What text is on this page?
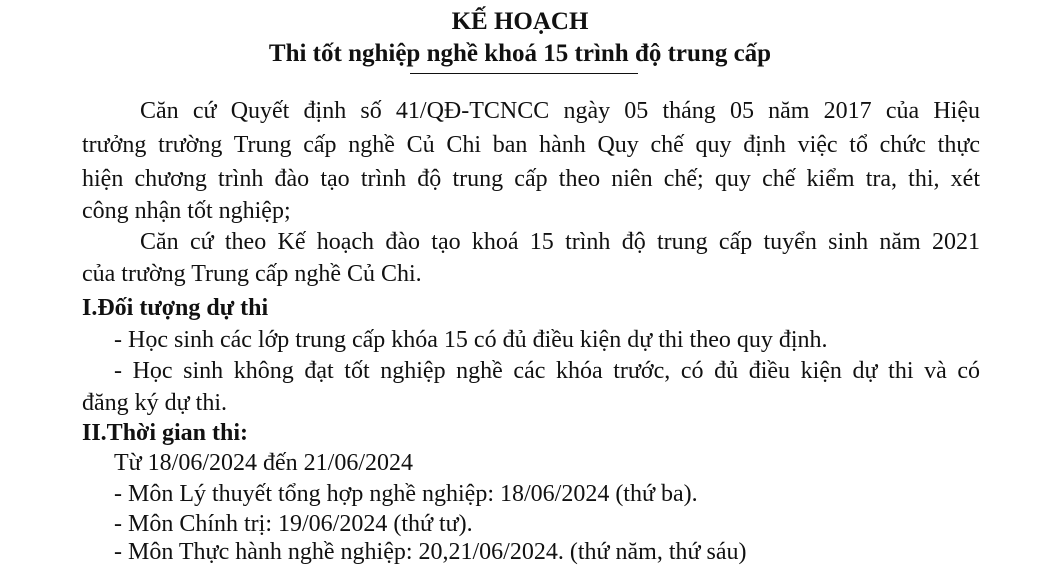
KẾ HOẠCH
Thi tốt nghiệp nghề khoá 15 trình độ trung cấp
Căn cứ Quyết định số 41/QĐ-TCNCC ngày 05 tháng 05 năm 2017 của Hiệu
trưởng trường Trung cấp nghề Củ Chi ban hành Quy chế quy định việc tổ chức thực
hiện chương trình đào tạo trình độ trung cấp theo niên chế; quy chế kiểm tra, thi, xét
công nhận tốt nghiệp;
Căn cứ theo Kế hoạch đào tạo khoá 15 trình độ trung cấp tuyển sinh năm 2021
của trường Trung cấp nghề Củ Chi.
I.Đối tượng dự thi
- Học sinh các lớp trung cấp khóa 15 có đủ điều kiện dự thi theo quy định.
- Học sinh không đạt tốt nghiệp nghề các khóa trước, có đủ điều kiện dự thi và có
đăng ký dự thi.
II.Thời gian thi:
Từ 18/06/2024 đến 21/06/2024
- Môn Lý thuyết tổng hợp nghề nghiệp: 18/06/2024 (thứ ba).
- Môn Chính trị: 19/06/2024 (thứ tư).
- Môn Thực hành nghề nghiệp: 20,21/06/2024. (thứ năm, thứ sáu)
